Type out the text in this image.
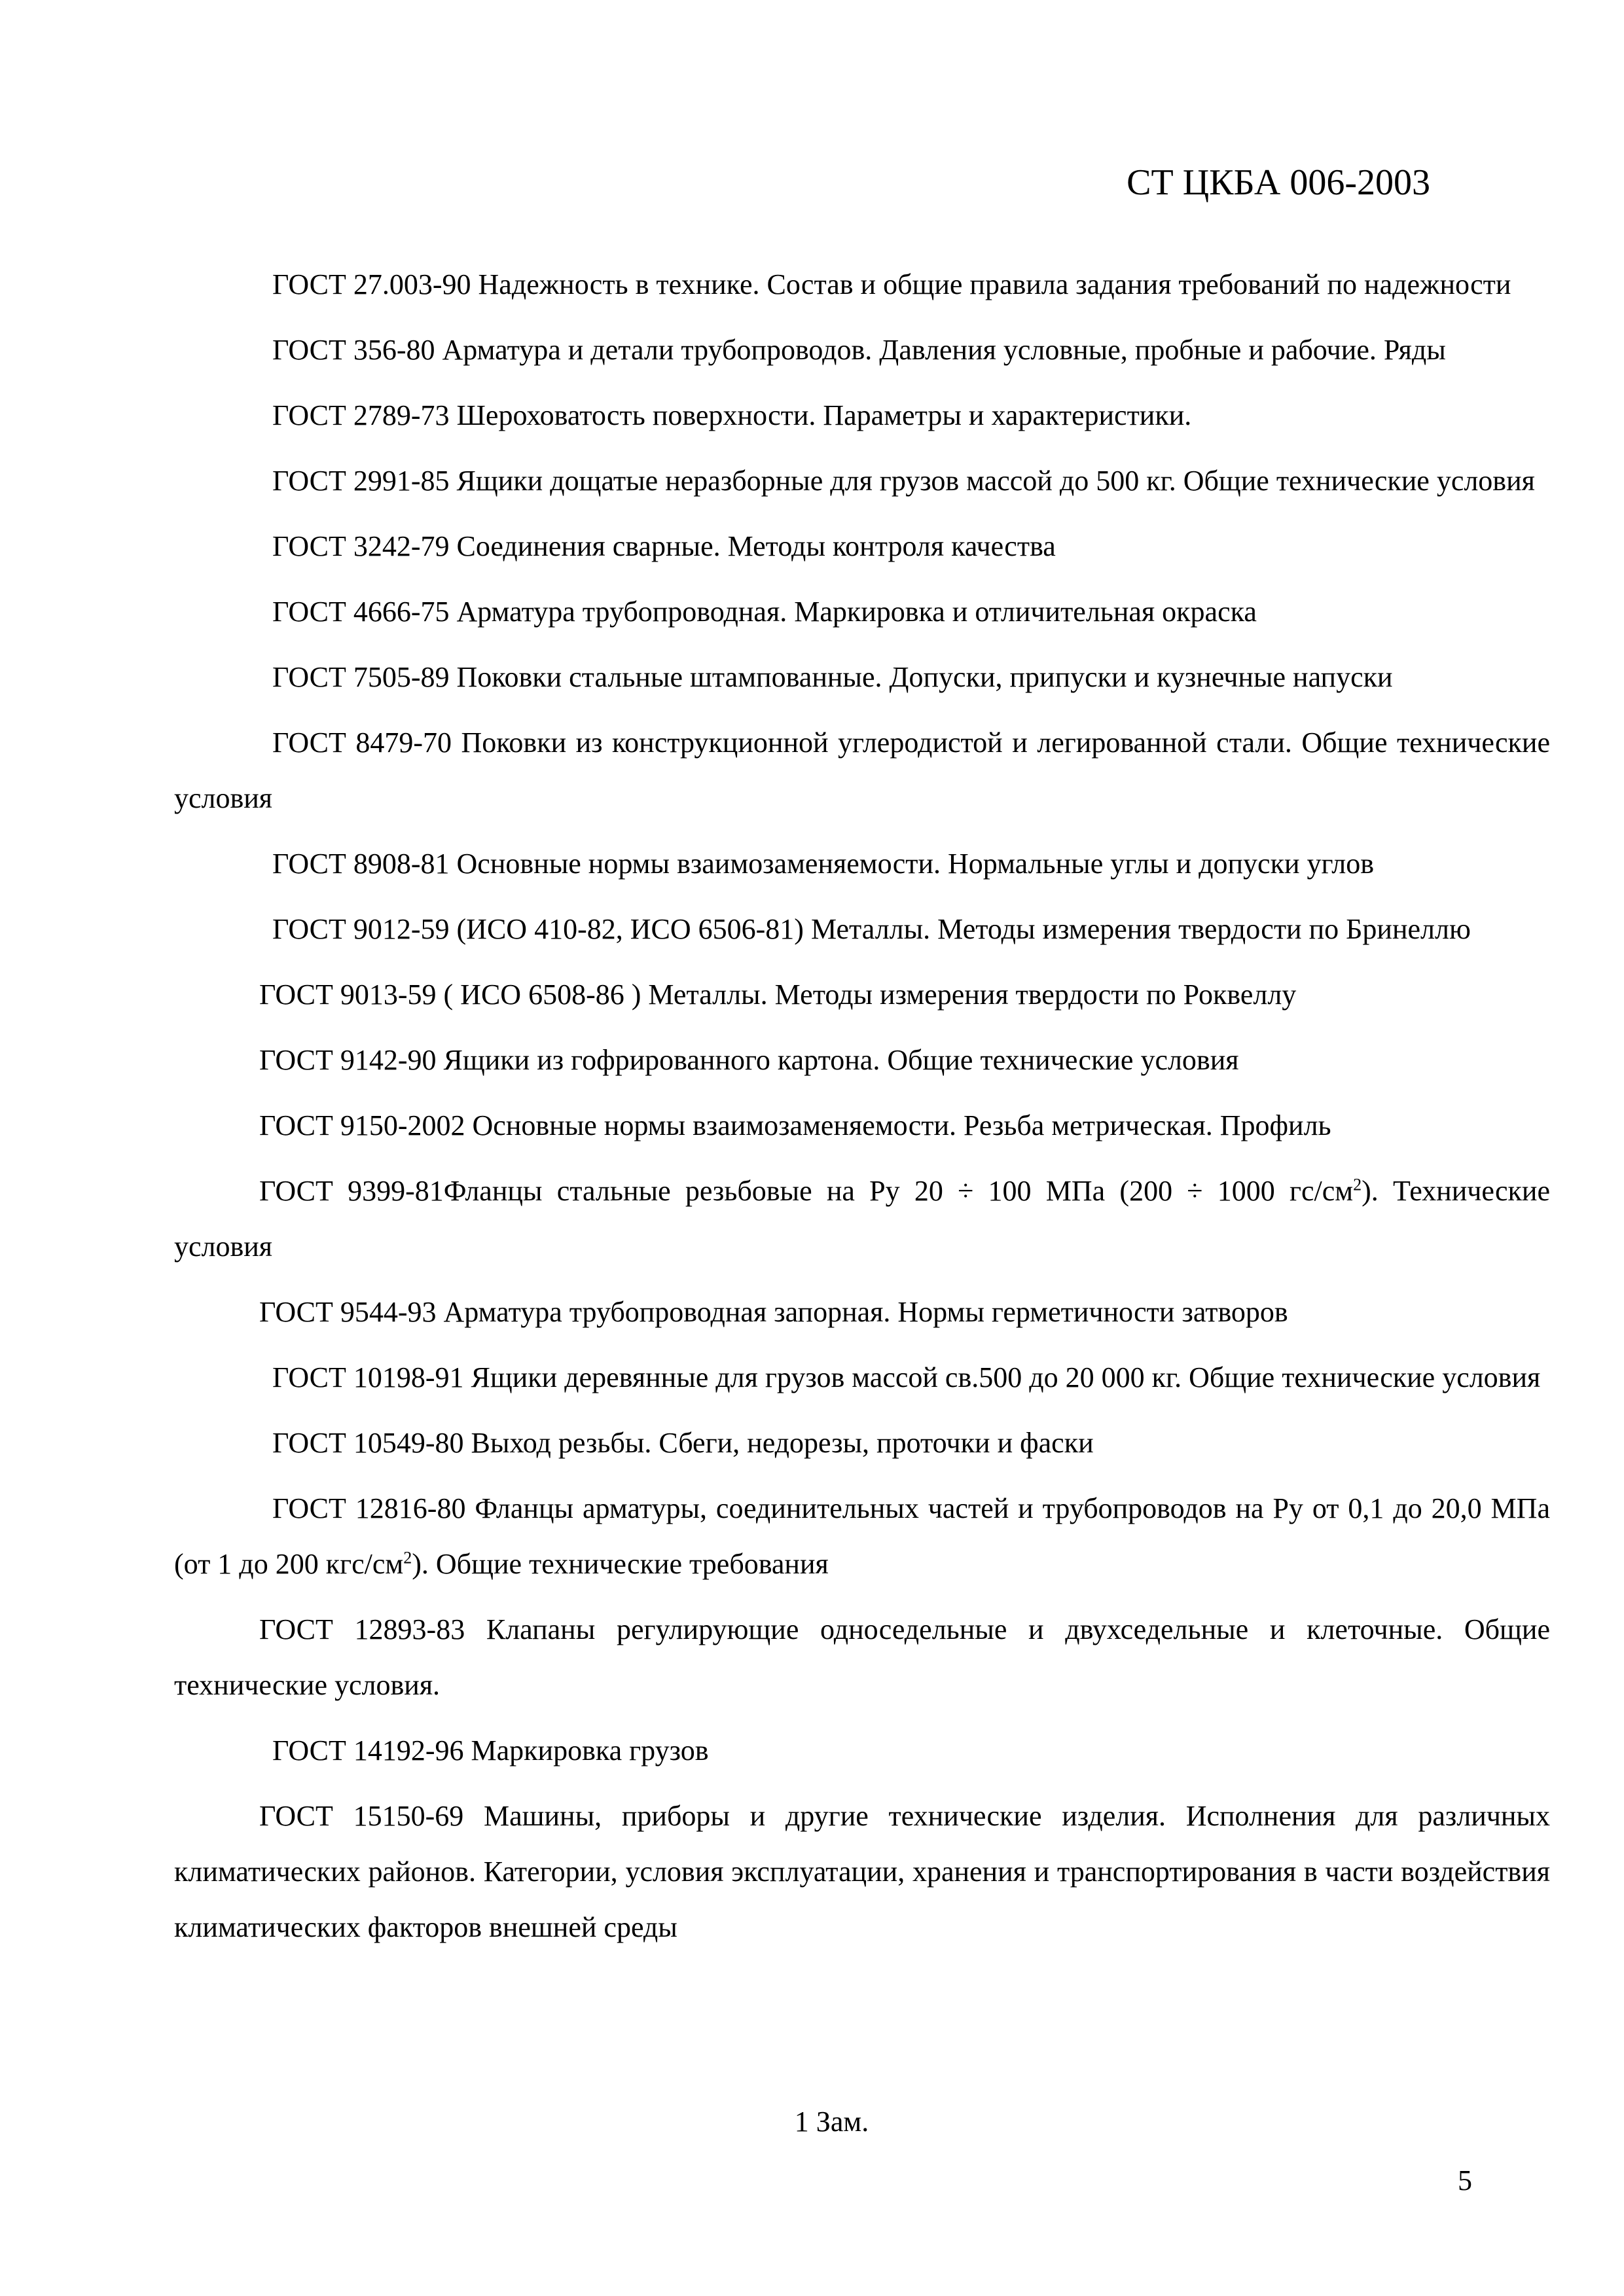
СТ ЦКБА 006-2003

ГОСТ 27.003-90 Надежность в технике. Состав и общие правила задания требований по надежности

ГОСТ 356-80 Арматура и детали трубопроводов. Давления условные, пробные и рабочие. Ряды

ГОСТ 2789-73 Шероховатость поверхности. Параметры и характеристики.

ГОСТ 2991-85 Ящики дощатые неразборные для грузов массой до 500 кг. Общие технические условия

ГОСТ 3242-79 Соединения сварные. Методы контроля качества

ГОСТ 4666-75 Арматура трубопроводная. Маркировка и отличительная окраска

ГОСТ 7505-89 Поковки стальные штампованные. Допуски, припуски и кузнечные напуски

ГОСТ 8479-70 Поковки из конструкционной углеродистой и легированной стали. Общие технические условия

ГОСТ 8908-81 Основные нормы взаимозаменяемости. Нормальные углы и допуски углов

ГОСТ 9012-59 (ИСО 410-82, ИСО 6506-81) Металлы. Методы измерения твердости по Бринеллю

ГОСТ 9013-59 ( ИСО 6508-86 ) Металлы. Методы измерения твердости по Роквеллу

ГОСТ 9142-90 Ящики из гофрированного картона. Общие технические условия

ГОСТ 9150-2002 Основные нормы взаимозаменяемости. Резьба метрическая. Профиль

ГОСТ 9399-81Фланцы стальные резьбовые на Ру 20 ÷ 100 МПа (200 ÷ 1000 $гс/см^2$). Технические условия

ГОСТ 9544-93 Арматура трубопроводная запорная. Нормы герметичности затворов

ГОСТ 10198-91 Ящики деревянные для грузов массой св.500 до 20 000 кг. Общие технические условия

ГОСТ 10549-80 Выход резьбы. Сбеги, недорезы, проточки и фаски

ГОСТ 12816-80 Фланцы арматуры, соединительных частей и трубопроводов на Ру от 0,1 до 20,0 МПа (от 1 до 200 кгс/$см^2$). Общие технические требования

ГОСТ 12893-83 Клапаны регулирующие односедельные и двухседельные и клеточные. Общие технические условия.

ГОСТ 14192-96 Маркировка грузов

ГОСТ 15150-69 Машины, приборы и другие технические изделия. Исполнения для различных климатических районов. Категории, условия эксплуатации, хранения и транспортирования в части воздействия климатических факторов внешней среды

1 Зам.
5
